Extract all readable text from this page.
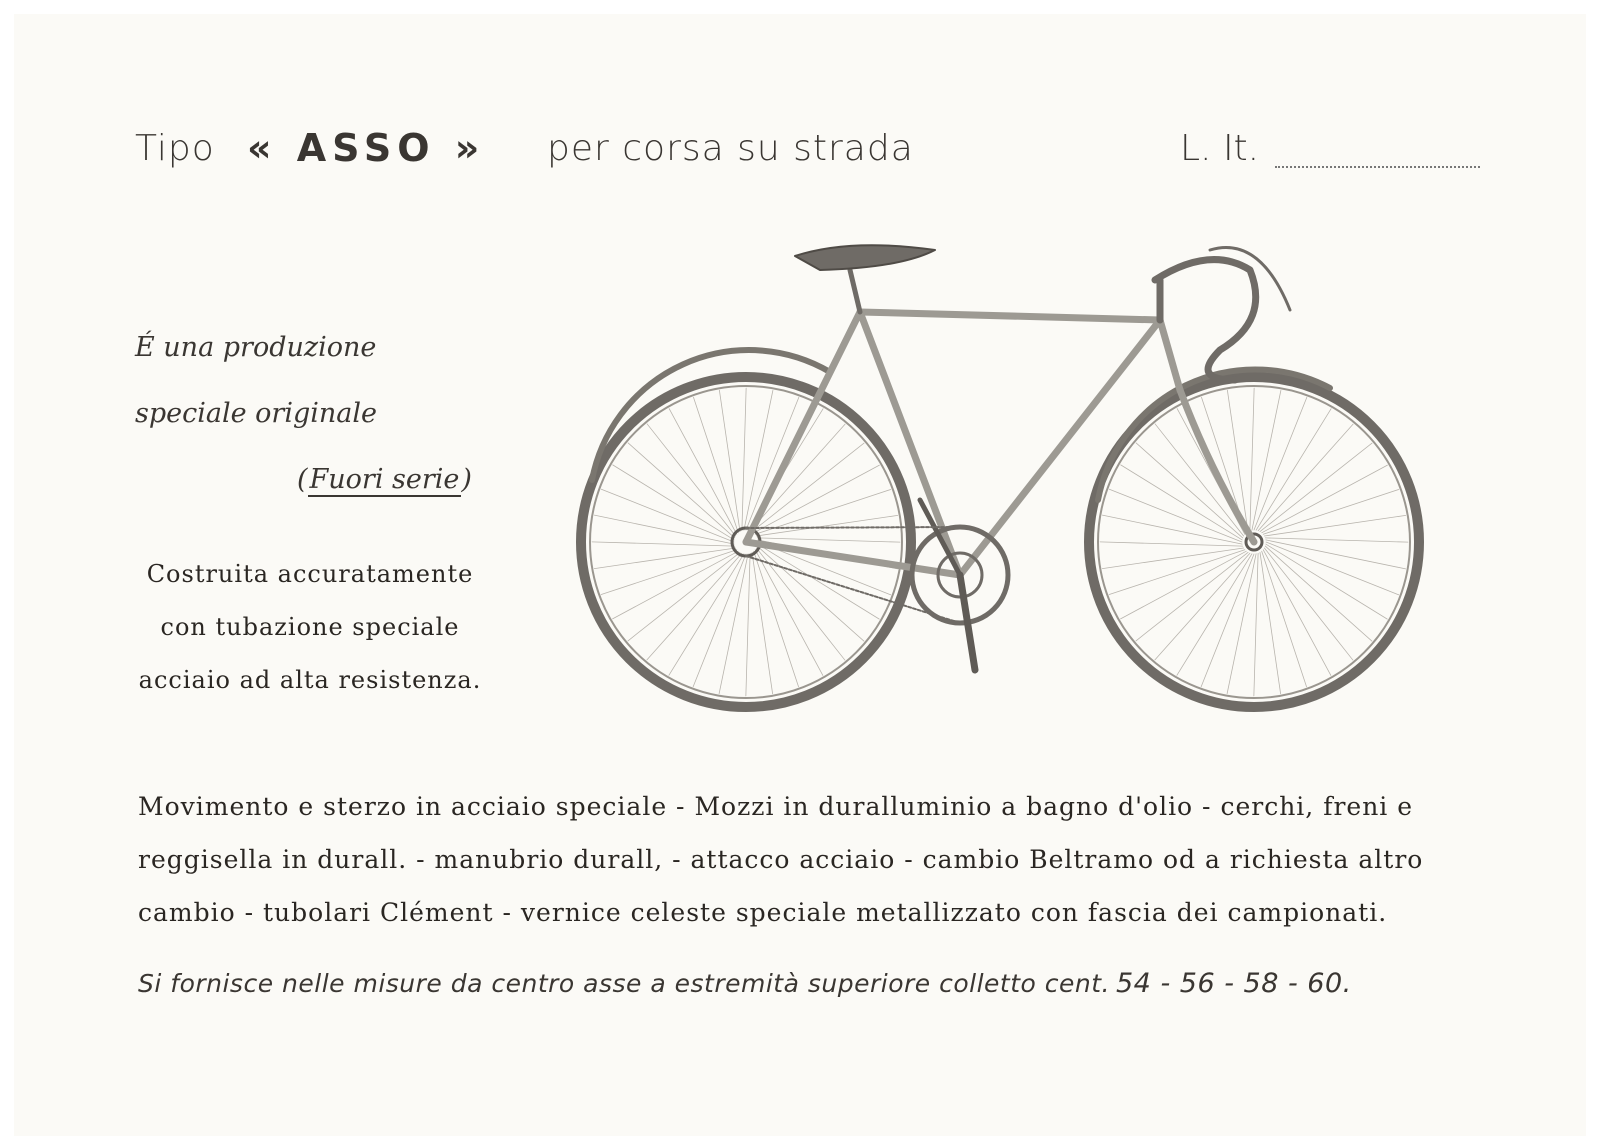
Tipo « ASSO » per corsa su strada	L. It.
É una produzione
speciale originale
(Fuori serie)
Costruita accuratamente
con tubazione speciale
acciaio ad alta resistenza.
Movimento e sterzo in acciaio speciale - Mozzi in duralluminio a bagno d'olio - cerchi, freni e
reggisella in durall. - manubrio durall, - attacco acciaio - cambio Beltramo od a richiesta altro
cambio - tubolari Clément - vernice celeste speciale metallizzato con fascia dei campionati.
Si fornisce nelle misure da centro asse a estremità superiore colletto cent. 54 - 56 - 58 - 60.
